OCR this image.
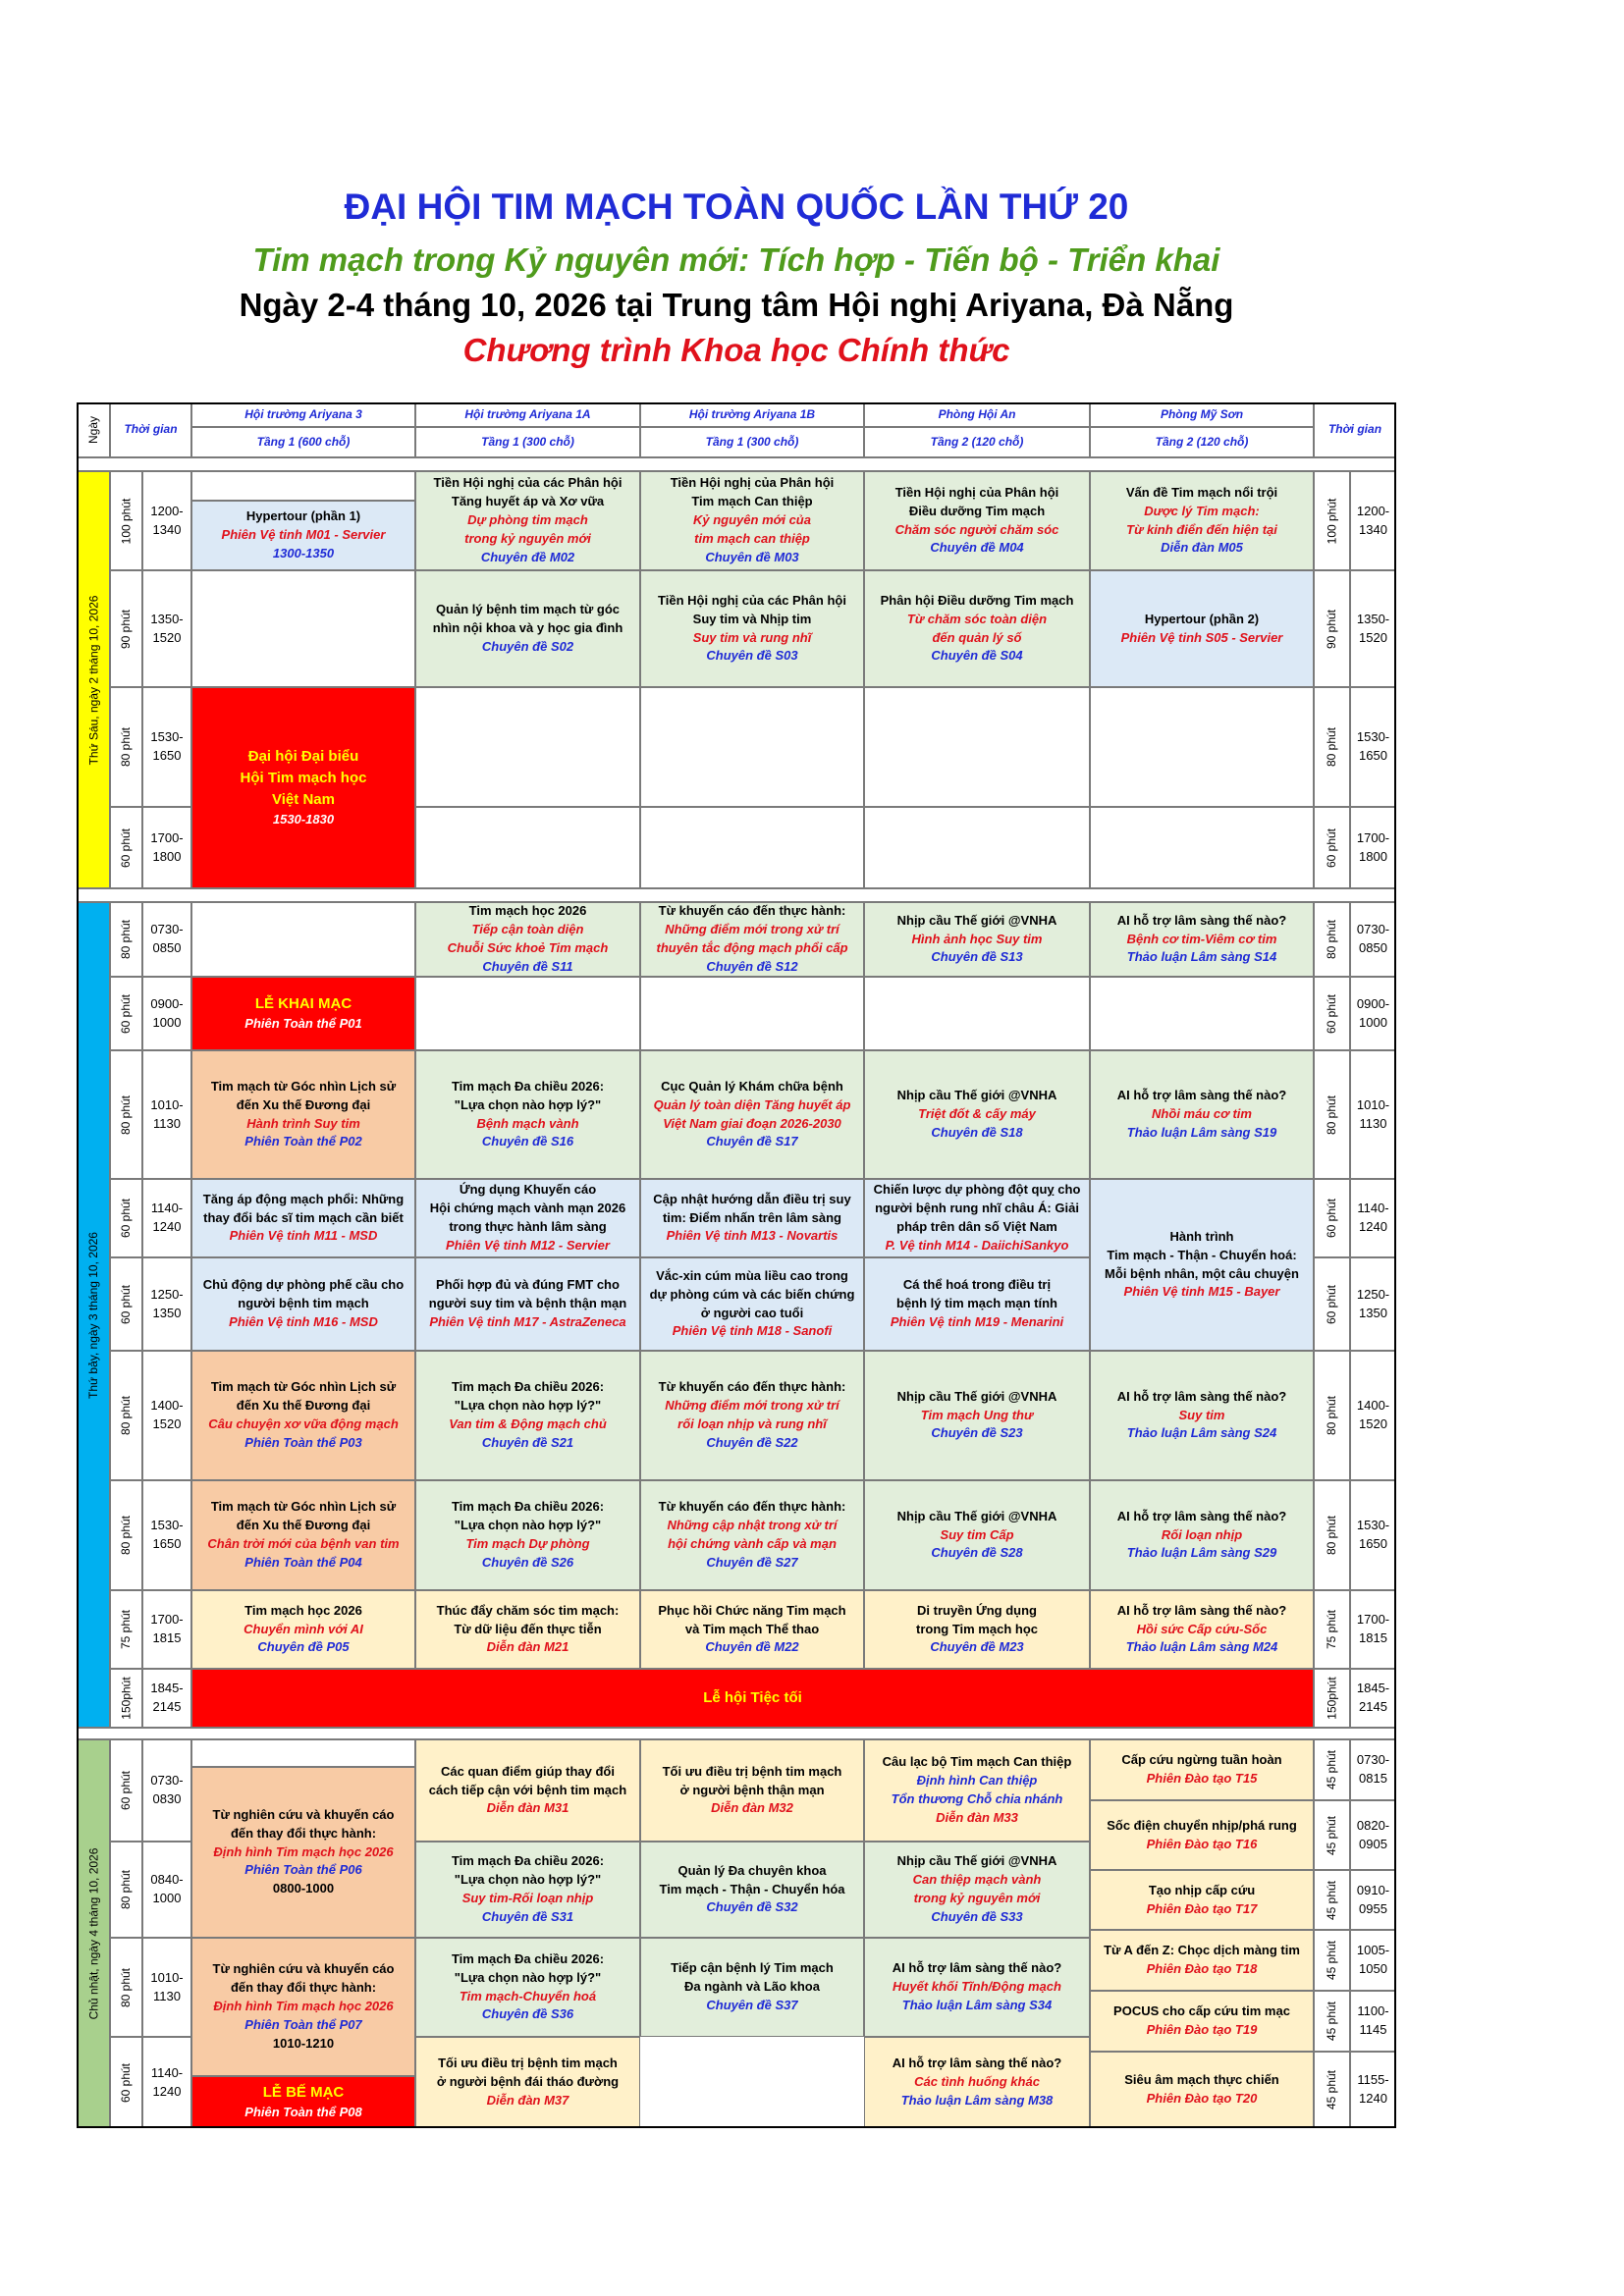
ĐẠI HỘI TIM MẠCH TOÀN QUỐC LẦN THỨ 20
Tim mạch trong Kỷ nguyên mới: Tích hợp - Tiến bộ - Triển khai
Ngày 2-4 tháng 10, 2026 tại Trung tâm Hội nghị Ariyana, Đà Nẵng
Chương trình Khoa học Chính thức
Ngày Thời gian
Hội trường Ariyana 3
Tầng 1 (600 chỗ)
Hội trường Ariyana 1A
Tầng 1 (300 chỗ)
Hội trường Ariyana 1B
Tầng 1 (300 chỗ)
Phòng Hội An
Tầng 2 (120 chỗ)
Phòng Mỹ Sơn
Tầng 2 (120 chỗ)
Thời gian
Thứ Sáu, ngày 2 tháng 10, 2026
Thứ bảy, ngày 3 tháng 10, 2026
Chủ nhật, ngày 4 tháng 10, 2026
100 phút 1200-
1340
90 phút 1350-
1520
80 phút 1530-
1650
60 phút 1700-
1800
80 phút 0730-
0850
60 phút 0900-
1000
80 phút 1010-
1130
60 phút 1140-
1240
60 phút 1250-
1350
80 phút 1400-
1520
80 phút 1530-
1650
75 phút 1700-
1815
150phút 1845-
2145
60 phút 0730-
0830
80 phút 0840-
1000
80 phút 1010-
1130
60 phút 1140-
1240
100 phút 1200-
1340
90 phút 1350-
1520
80 phút 1530-
1650
60 phút 1700-
1800
80 phút 0730-
0850
60 phút 0900-
1000
80 phút 1010-
1130
60 phút 1140-
1240
60 phút 1250-
1350
80 phút 1400-
1520
80 phút 1530-
1650
75 phút 1700-
1815
150phút 1845-
2145
45 phút 0730-
0815
45 phút 0820-
0905
45 phút 0910-
0955
45 phút 1005-
1050
45 phút 1100-
1145
45 phút 1155-
1240
Hypertour (phần 1)
Phiên Vệ tinh M01 - Servier
1300-1350
Tiền Hội nghị của các Phân hội
Tăng huyết áp và Xơ vữa
Dự phòng tim mạch
trong kỷ nguyên mới
Chuyên đề M02
Tiền Hội nghị của Phân hội
Tim mạch Can thiệp
Kỷ nguyên mới của
tim mạch can thiệp
Chuyên đề M03
Tiền Hội nghị của Phân hội
Điều dưỡng Tim mạch
Chăm sóc người chăm sóc
Chuyên đề M04
Vấn đề Tim mạch nổi trội
Dược lý Tim mạch:
Từ kinh điển đến hiện tại
Diễn đàn M05
Quản lý bệnh tim mạch từ góc
nhìn nội khoa và y học gia đình
Chuyên đề S02
Tiền Hội nghị của các Phân hội
Suy tim và Nhịp tim
Suy tim và rung nhĩ
Chuyên đề S03
Phân hội Điều dưỡng Tim mạch
Từ chăm sóc toàn diện
đến quản lý số
Chuyên đề S04
Hypertour (phần 2)
Phiên Vệ tinh S05 - Servier
Đại hội Đại biểu
Hội Tim mạch học
Việt Nam
1530-1830
Tim mạch học 2026
Tiếp cận toàn diện
Chuỗi Sức khoẻ Tim mạch
Chuyên đề S11
Từ khuyến cáo đến thực hành:
Những điểm mới trong xử trí
thuyên tắc động mạch phổi cấp
Chuyên đề S12
Nhịp cầu Thế giới @VNHA
Hình ảnh học Suy tim
Chuyên đề S13
AI hỗ trợ lâm sàng thế nào?
Bệnh cơ tim-Viêm cơ tim
Thảo luận Lâm sàng S14
LỄ KHAI MẠC
Phiên Toàn thể P01
Tim mạch từ Góc nhìn Lịch sử
đến Xu thế Đương đại
Hành trình Suy tim
Phiên Toàn thể P02
Tim mạch Đa chiều 2026:
"Lựa chọn nào hợp lý?"
Bệnh mạch vành
Chuyên đề S16
Cục Quản lý Khám chữa bệnh
Quản lý toàn diện Tăng huyết áp
Việt Nam giai đoạn 2026-2030
Chuyên đề S17
Nhịp cầu Thế giới @VNHA
Triệt đốt & cấy máy
Chuyên đề S18
AI hỗ trợ lâm sàng thế nào?
Nhồi máu cơ tim
Thảo luận Lâm sàng S19
Tăng áp động mạch phổi: Những
thay đổi bác sĩ tim mạch cần biết
Phiên Vệ tinh M11 - MSD
Ứng dụng Khuyến cáo
Hội chứng mạch vành mạn 2026
trong thực hành lâm sàng
Phiên Vệ tinh M12 - Servier
Cập nhật hướng dẫn điều trị suy
tim: Điểm nhấn trên lâm sàng
Phiên Vệ tinh M13 - Novartis
Chiến lược dự phòng đột quỵ cho
người bệnh rung nhĩ châu Á: Giải
pháp trên dân số Việt Nam
P. Vệ tinh M14 - DaiichiSankyo
Hành trình
Tim mạch - Thận - Chuyển hoá:
Mỗi bệnh nhân, một câu chuyện
Phiên Vệ tinh M15 - Bayer
Chủ động dự phòng phế cầu cho
người bệnh tim mạch
Phiên Vệ tinh M16 - MSD
Phối hợp đủ và đúng FMT cho
người suy tim và bệnh thận mạn
Phiên Vệ tinh M17 - AstraZeneca
Vắc-xin cúm mùa liều cao trong
dự phòng cúm và các biến chứng
ở người cao tuổi
Phiên Vệ tinh M18 - Sanofi
Cá thể hoá trong điều trị
bệnh lý tim mạch mạn tính
Phiên Vệ tinh M19 - Menarini
Tim mạch từ Góc nhìn Lịch sử
đến Xu thế Đương đại
Câu chuyện xơ vữa động mạch
Phiên Toàn thể P03
Tim mạch Đa chiều 2026:
"Lựa chọn nào hợp lý?"
Van tim & Động mạch chủ
Chuyên đề S21
Từ khuyến cáo đến thực hành:
Những điểm mới trong xử trí
rối loạn nhịp và rung nhĩ
Chuyên đề S22
Nhịp cầu Thế giới @VNHA
Tim mạch Ung thư
Chuyên đề S23
AI hỗ trợ lâm sàng thế nào?
Suy tim
Thảo luận Lâm sàng S24
Tim mạch từ Góc nhìn Lịch sử
đến Xu thế Đương đại
Chân trời mới của bệnh van tim
Phiên Toàn thể P04
Tim mạch Đa chiều 2026:
"Lựa chọn nào hợp lý?"
Tim mạch Dự phòng
Chuyên đề S26
Từ khuyến cáo đến thực hành:
Những cập nhật trong xử trí
hội chứng vành cấp và mạn
Chuyên đề S27
Nhịp cầu Thế giới @VNHA
Suy tim Cấp
Chuyên đề S28
AI hỗ trợ lâm sàng thế nào?
Rối loạn nhịp
Thảo luận Lâm sàng S29
Tim mạch học 2026
Chuyển mình với AI
Chuyên đề P05
Thúc đẩy chăm sóc tim mạch:
Từ dữ liệu đến thực tiễn
Diễn đàn M21
Phục hồi Chức năng Tim mạch
và Tim mạch Thể thao
Chuyên đề M22
Di truyền Ứng dụng
trong Tim mạch học
Chuyên đề M23
AI hỗ trợ lâm sàng thế nào?
Hồi sức Cấp cứu-Sốc
Thảo luận Lâm sàng M24
Lễ hội Tiệc tối
Từ nghiên cứu và khuyến cáo
đến thay đổi thực hành:
Định hình Tim mạch học 2026
Phiên Toàn thể P06
0800-1000
Các quan điểm giúp thay đổi
cách tiếp cận với bệnh tim mạch
Diễn đàn M31
Tối ưu điều trị bệnh tim mạch
ở người bệnh thận mạn
Diễn đàn M32
Câu lạc bộ Tim mạch Can thiệp
Định hình Can thiệp
Tổn thương Chỗ chia nhánh
Diễn đàn M33
Cấp cứu ngừng tuần hoàn
Phiên Đào tạo T15
Tim mạch Đa chiều 2026:
"Lựa chọn nào hợp lý?"
Suy tim-Rối loạn nhịp
Chuyên đề S31
Quản lý Đa chuyên khoa
Tim mạch - Thận - Chuyển hóa
Chuyên đề S32
Nhịp cầu Thế giới @VNHA
Can thiệp mạch vành
trong kỷ nguyên mới
Chuyên đề S33
Sốc điện chuyển nhịp/phá rung
Phiên Đào tạo T16
Tạo nhịp cấp cứu
Phiên Đào tạo T17
Từ nghiên cứu và khuyến cáo
đến thay đổi thực hành:
Định hình Tim mạch học 2026
Phiên Toàn thể P07
1010-1210
Tim mạch Đa chiều 2026:
"Lựa chọn nào hợp lý?"
Tim mạch-Chuyển hoá
Chuyên đề S36
Tiếp cận bệnh lý Tim mạch
Đa ngành và Lão khoa
Chuyên đề S37
AI hỗ trợ lâm sàng thế nào?
Huyết khối Tĩnh/Động mạch
Thảo luận Lâm sàng S34
Từ A đến Z: Chọc dịch màng tim
Phiên Đào tạo T18
POCUS cho cấp cứu tim mạc
Phiên Đào tạo T19
LỄ BẾ MẠC
Phiên Toàn thể P08
Tối ưu điều trị bệnh tim mạch
ở người bệnh đái tháo đường
Diễn đàn M37
AI hỗ trợ lâm sàng thế nào?
Các tình huống khác
Thảo luận Lâm sàng M38
Siêu âm mạch thực chiến
Phiên Đào tạo T20
